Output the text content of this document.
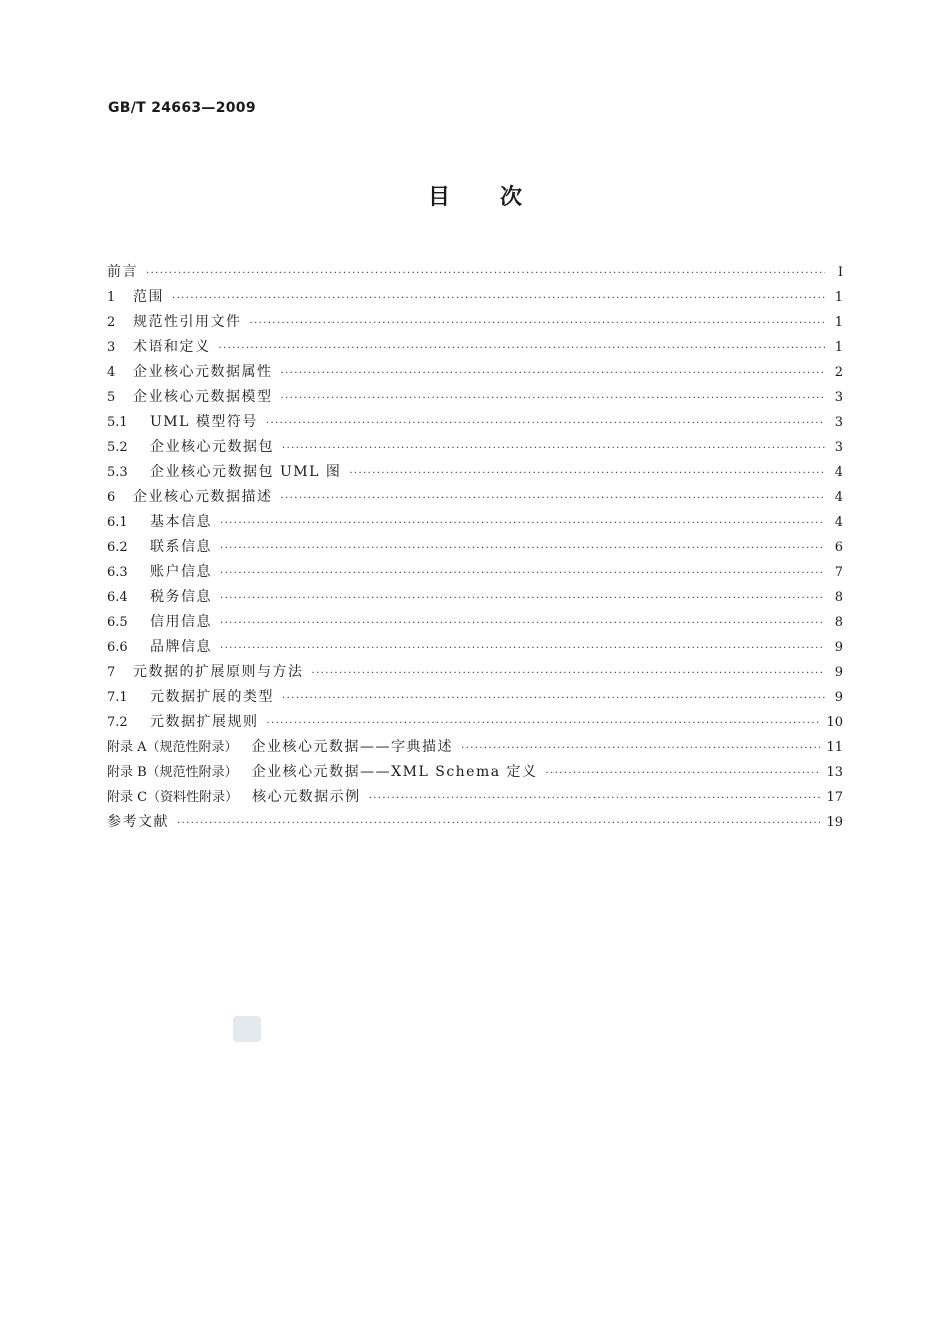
GB/T 24663—2009
目次
前言 ·····	Ⅰ
1	范围 ·····	1
2	规范性引用文件 ·····	1
3	术语和定义 ·····	1
4	企业核心元数据属性 ·····	2
5	企业核心元数据模型 ·····	3
5.1	UML 模型符号 ·····	3
5.2	企业核心元数据包 ·····	3
5.3	企业核心元数据包 UML 图 ·····	4
6	企业核心元数据描述 ·····	4
6.1	基本信息 ·····	4
6.2	联系信息 ·····	6
6.3	账户信息 ·····	7
6.4	税务信息 ·····	8
6.5	信用信息 ·····	8
6.6	品牌信息 ·····	9
7	元数据的扩展原则与方法 ·····	9
7.1	元数据扩展的类型 ·····	9
7.2	元数据扩展规则 ·····	10
附录 A（规范性附录） 企业核心元数据——字典描述 ·····	11
附录 B（规范性附录） 企业核心元数据——XML Schema 定义 ·····	13
附录 C（资料性附录） 核心元数据示例 ·····	17
参考文献 ·····	19
